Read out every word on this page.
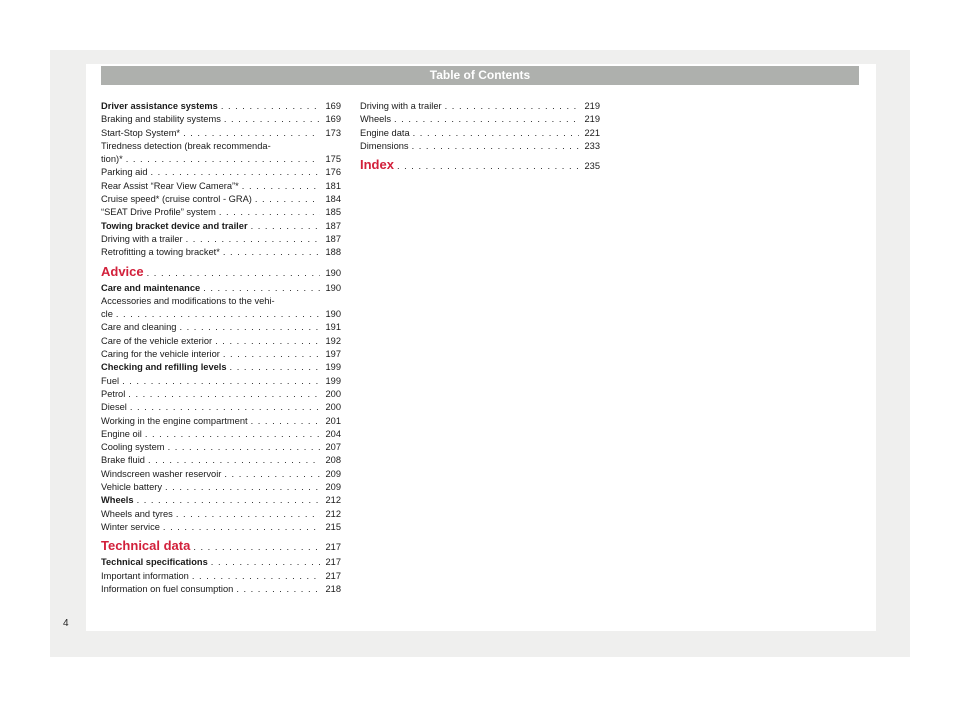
Table of Contents
Driver assistance systems . . .	169
Braking and stability systems . . .	169
Start-Stop System* . . .	173
Tiredness detection (break recommenda-
tion)* . . .	175
Parking aid . . .	176
Rear Assist “Rear View Camera”* . . .	181
Cruise speed* (cruise control - GRA) . . .	184
“SEAT Drive Profile” system . . .	185
Towing bracket device and trailer . . .	187
Driving with a trailer . . .	187
Retrofitting a towing bracket* . . .	188
Advice . . .	190
Care and maintenance . . .	190
Accessories and modifications to the vehi-
cle . . .	190
Care and cleaning . . .	191
Care of the vehicle exterior . . .	192
Caring for the vehicle interior . . .	197
Checking and refilling levels . . .	199
Fuel . . .	199
Petrol . . .	200
Diesel . . .	200
Working in the engine compartment . . .	201
Engine oil . . .	204
Cooling system . . .	207
Brake fluid . . .	208
Windscreen washer reservoir . . .	209
Vehicle battery . . .	209
Wheels . . .	212
Wheels and tyres . . .	212
Winter service . . .	215
Technical data . . .	217
Technical specifications . . .	217
Important information . . .	217
Information on fuel consumption . . .	218
Driving with a trailer . . .	219
Wheels . . .	219
Engine data . . .	221
Dimensions . . .	233
Index . . .	235
4
